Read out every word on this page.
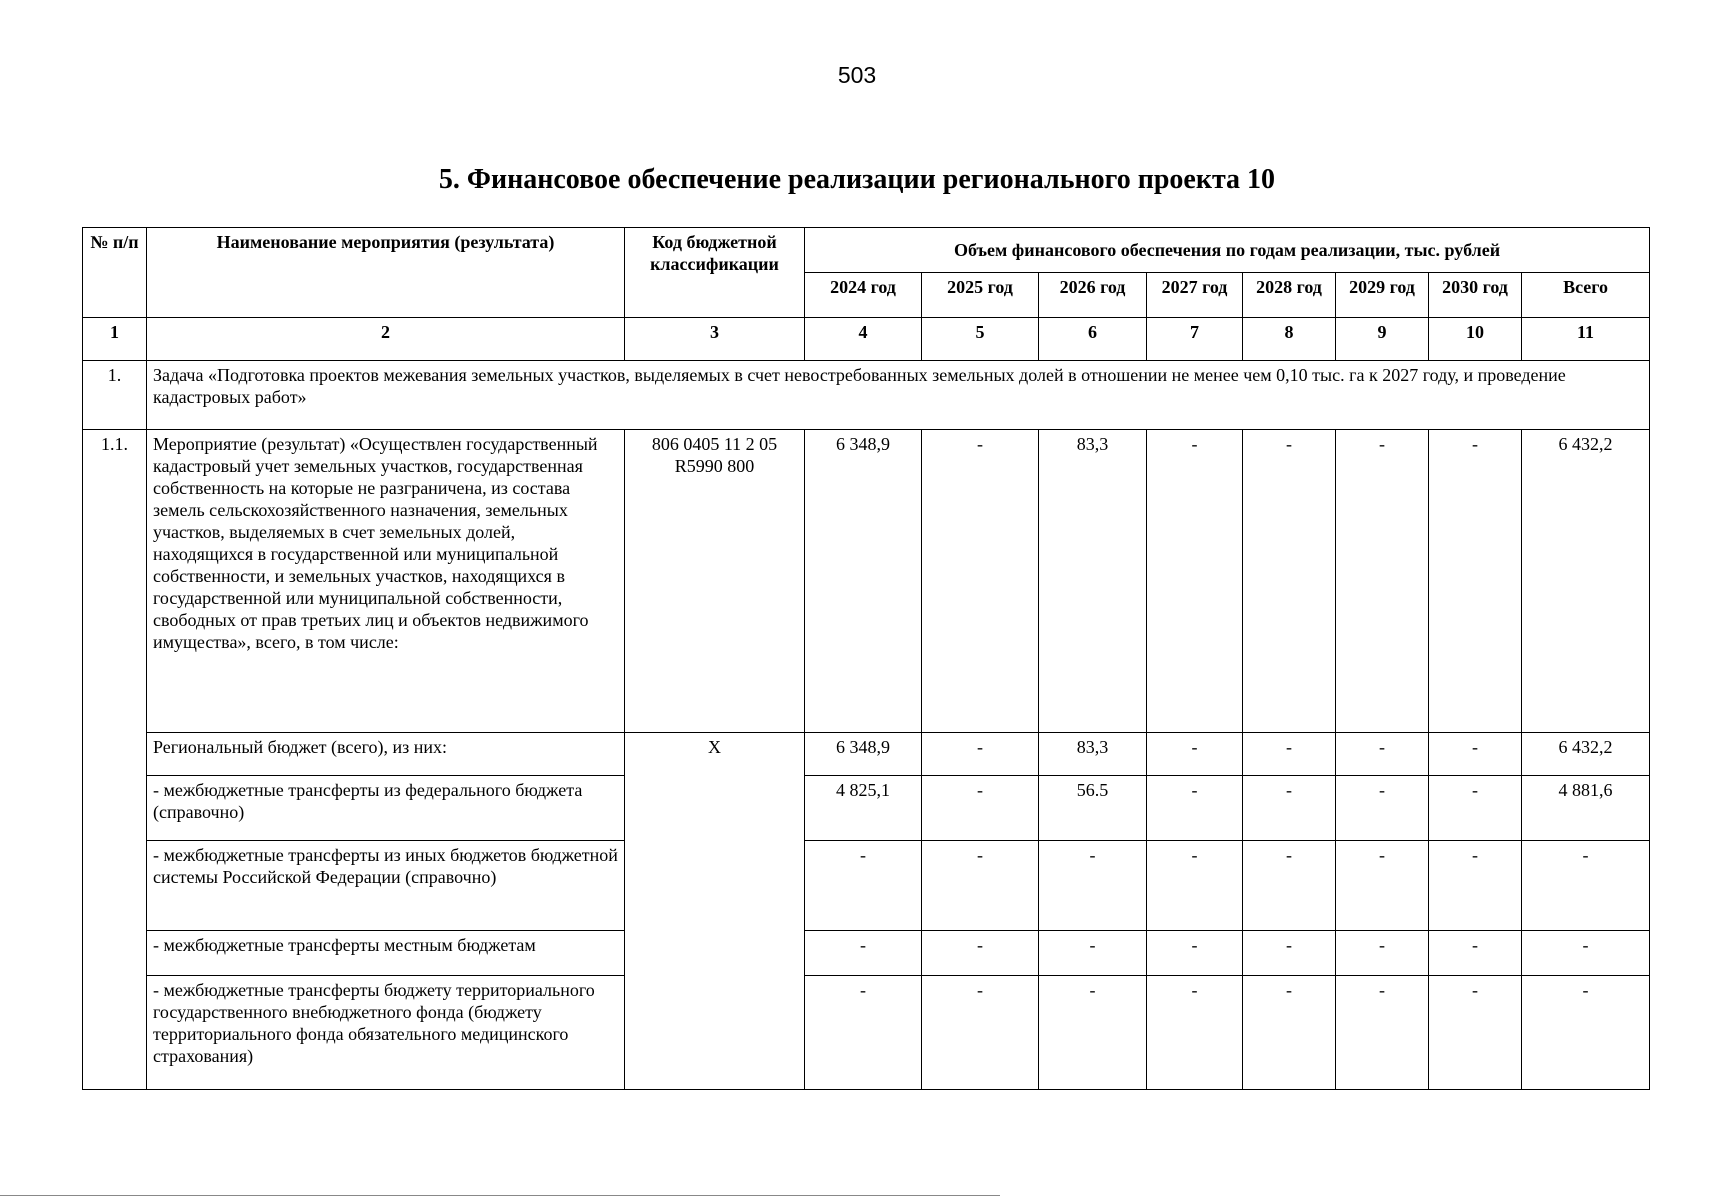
503
5. Финансовое обеспечение реализации регионального проекта 10
№ п/п	Наименование мероприятия (результата)	Код бюджетной классификации	Объем финансового обеспечения по годам реализации, тыс. рублей							
			2024 год	2025 год	2026 год	2027 год	2028 год	2029 год	2030 год	Всего
1	2	3	4	5	6	7	8	9	10	11
1.	Задача «Подготовка проектов межевания земельных участков, выделяемых в счет невостребованных земельных долей в отношении не менее чем 0,10 тыс. га к 2027 году, и проведение кадастровых работ»									
1.1.	Мероприятие (результат) «Осуществлен государственный кадастровый учет земельных участков, государственная собственность на которые не разграничена, из состава земель сельскохозяйственного назначения, земельных участков, выделяемых в счет земельных долей, находящихся в государственной или муниципальной собственности, и земельных участков, находящихся в государственной или муниципальной собственности, свободных от прав третьих лиц и объектов недвижимого имущества», всего, в том числе:	806 0405 11 2 05 R5990 800	6 348,9	-	83,3	-	-	-	-	6 432,2
	Региональный бюджет (всего), из них:	X	6 348,9	-	83,3	-	-	-	-	6 432,2
	- межбюджетные трансферты из федерального бюджета (справочно)		4 825,1	-	56.5	-	-	-	-	4 881,6
	- межбюджетные трансферты из иных бюджетов бюджетной системы Российской Федерации (справочно)		-	-	-	-	-	-	-	-
	- межбюджетные трансферты местным бюджетам		-	-	-	-	-	-	-	-
	- межбюджетные трансферты бюджету территориального государственного внебюджетного фонда (бюджету территориального фонда обязательного медицинского страхования)		-	-	-	-	-	-	-	-
